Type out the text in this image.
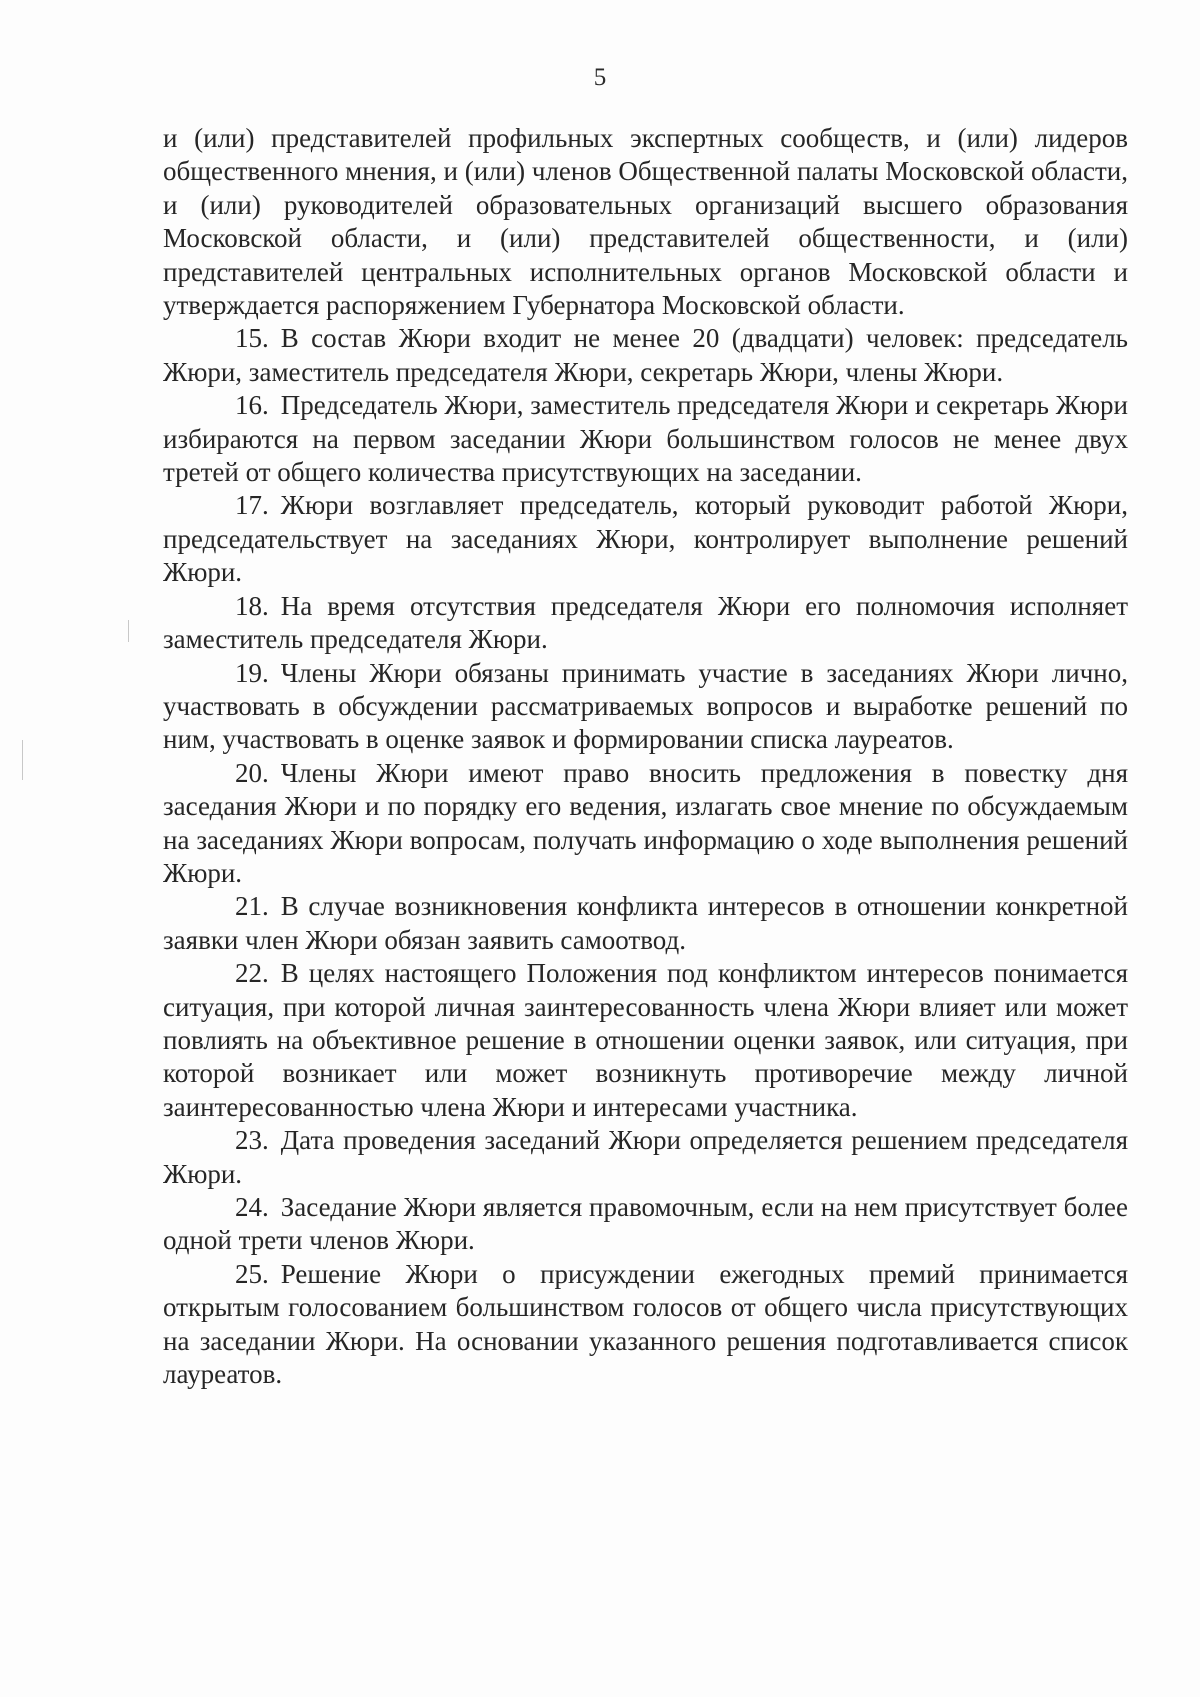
5

и (или) представителей профильных экспертных сообществ, и (или) лидеров общественного мнения, и (или) членов Общественной палаты Московской области, и (или) руководителей образовательных организаций высшего образования Московской области, и (или) представителей общественности, и (или) представителей центральных исполнительных органов Московской области и утверждается распоряжением Губернатора Московской области.

15. В состав Жюри входит не менее 20 (двадцати) человек: председатель Жюри, заместитель председателя Жюри, секретарь Жюри, члены Жюри.

16. Председатель Жюри, заместитель председателя Жюри и секретарь Жюри избираются на первом заседании Жюри большинством голосов не менее двух третей от общего количества присутствующих на заседании.

17. Жюри возглавляет председатель, который руководит работой Жюри, председательствует на заседаниях Жюри, контролирует выполнение решений Жюри.

18. На время отсутствия председателя Жюри его полномочия исполняет заместитель председателя Жюри.

19. Члены Жюри обязаны принимать участие в заседаниях Жюри лично, участвовать в обсуждении рассматриваемых вопросов и выработке решений по ним, участвовать в оценке заявок и формировании списка лауреатов.

20. Члены Жюри имеют право вносить предложения в повестку дня заседания Жюри и по порядку его ведения, излагать свое мнение по обсуждаемым на заседаниях Жюри вопросам, получать информацию о ходе выполнения решений Жюри.

21. В случае возникновения конфликта интересов в отношении конкретной заявки член Жюри обязан заявить самоотвод.

22. В целях настоящего Положения под конфликтом интересов понимается ситуация, при которой личная заинтересованность члена Жюри влияет или может повлиять на объективное решение в отношении оценки заявок, или ситуация, при которой возникает или может возникнуть противоречие между личной заинтересованностью члена Жюри и интересами участника.

23. Дата проведения заседаний Жюри определяется решением председателя Жюри.

24. Заседание Жюри является правомочным, если на нем присутствует более одной трети членов Жюри.

25. Решение Жюри о присуждении ежегодных премий принимается открытым голосованием большинством голосов от общего числа присутствующих на заседании Жюри. На основании указанного решения подготавливается список лауреатов.
